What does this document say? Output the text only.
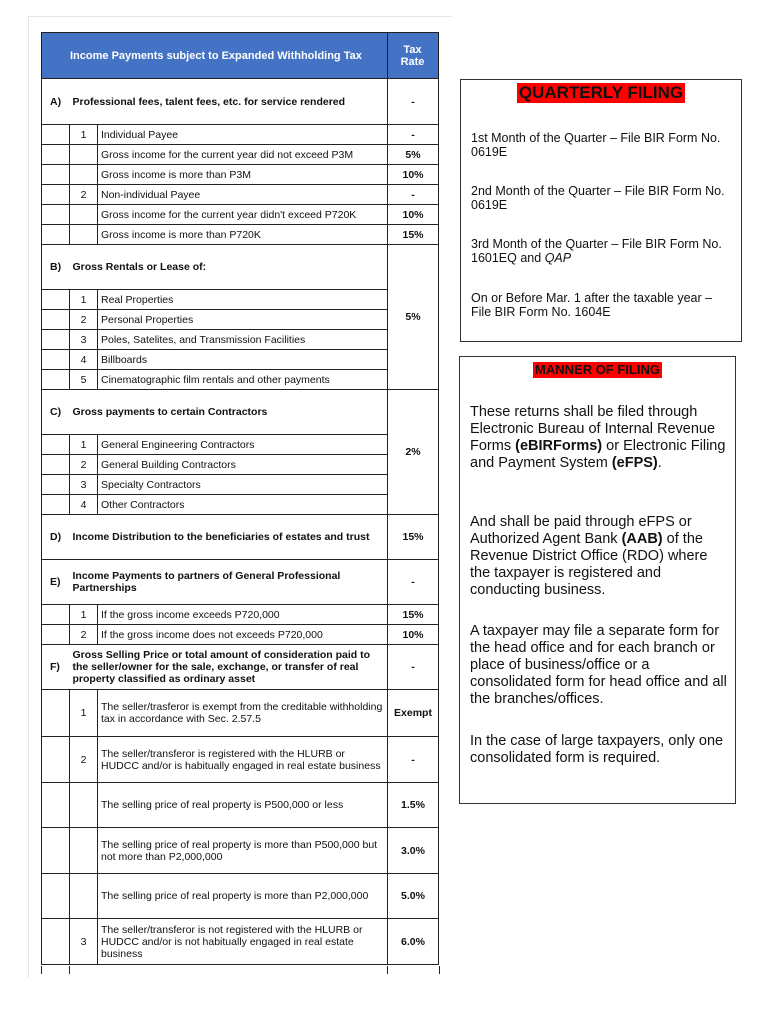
Income Payments subject to Expanded Withholding Tax			Tax Rate
A)	Professional fees, talent fees, etc. for service rendered		-
	1	Individual Payee	-
		Gross income for the current year did not exceed P3M	5%
		Gross income is more than P3M	10%
	2	Non-individual Payee	-
		Gross income for the current year didn't exceed P720K	10%
		Gross income is more than P720K	15%
B)	Gross Rentals or Lease of:		5%
	1	Real Properties	
	2	Personal Properties	
	3	Poles, Satelites, and Transmission Facilities	
	4	Billboards	
	5	Cinematographic film rentals and other payments	
C)	Gross payments to certain Contractors		2%
	1	General Engineering Contractors	
	2	General Building Contractors	
	3	Specialty Contractors	
	4	Other Contractors	
D)	Income Distribution to the beneficiaries of estates and trust		15%
E)	Income Payments to partners of General Professional Partnerships		-
	1	If the gross income exceeds P720,000	15%
	2	If the gross income does not exceeds P720,000	10%
F)	Gross Selling Price or total amount of consideration paid to the seller/owner for the sale, exchange, or transfer of real property classified as ordinary asset		-
	1	The seller/trasferor is exempt from the creditable withholding tax in accordance with Sec. 2.57.5	Exempt
	2	The seller/transferor is registered with the HLURB or HUDCC and/or is habitually engaged in real estate business	-
		The selling price of real property is P500,000 or less	1.5%
		The selling price of real property is more than P500,000 but not more than P2,000,000	3.0%
		The selling price of real property is more than P2,000,000	5.0%
	3	The seller/transferor is not registered with the HLURB or HUDCC and/or is not habitually engaged in real estate business	6.0%
QUARTERLY FILING
1st Month of the Quarter – File BIR Form No. 0619E
2nd Month of the Quarter – File BIR Form No. 0619E
3rd Month of the Quarter – File BIR Form No. 1601EQ and QAP
On or Before Mar. 1 after the taxable year – File BIR Form No. 1604E
MANNER OF FILING
These returns shall be filed through Electronic Bureau of Internal Revenue Forms (eBIRForms) or Electronic Filing and Payment System (eFPS).
And shall be paid through eFPS or Authorized Agent Bank (AAB) of the Revenue District Office (RDO) where the taxpayer is registered and conducting business.
A taxpayer may file a separate form for the head office and for each branch or place of business/office or a consolidated form for head office and all the branches/offices.
In the case of large taxpayers, only one consolidated form is required.
